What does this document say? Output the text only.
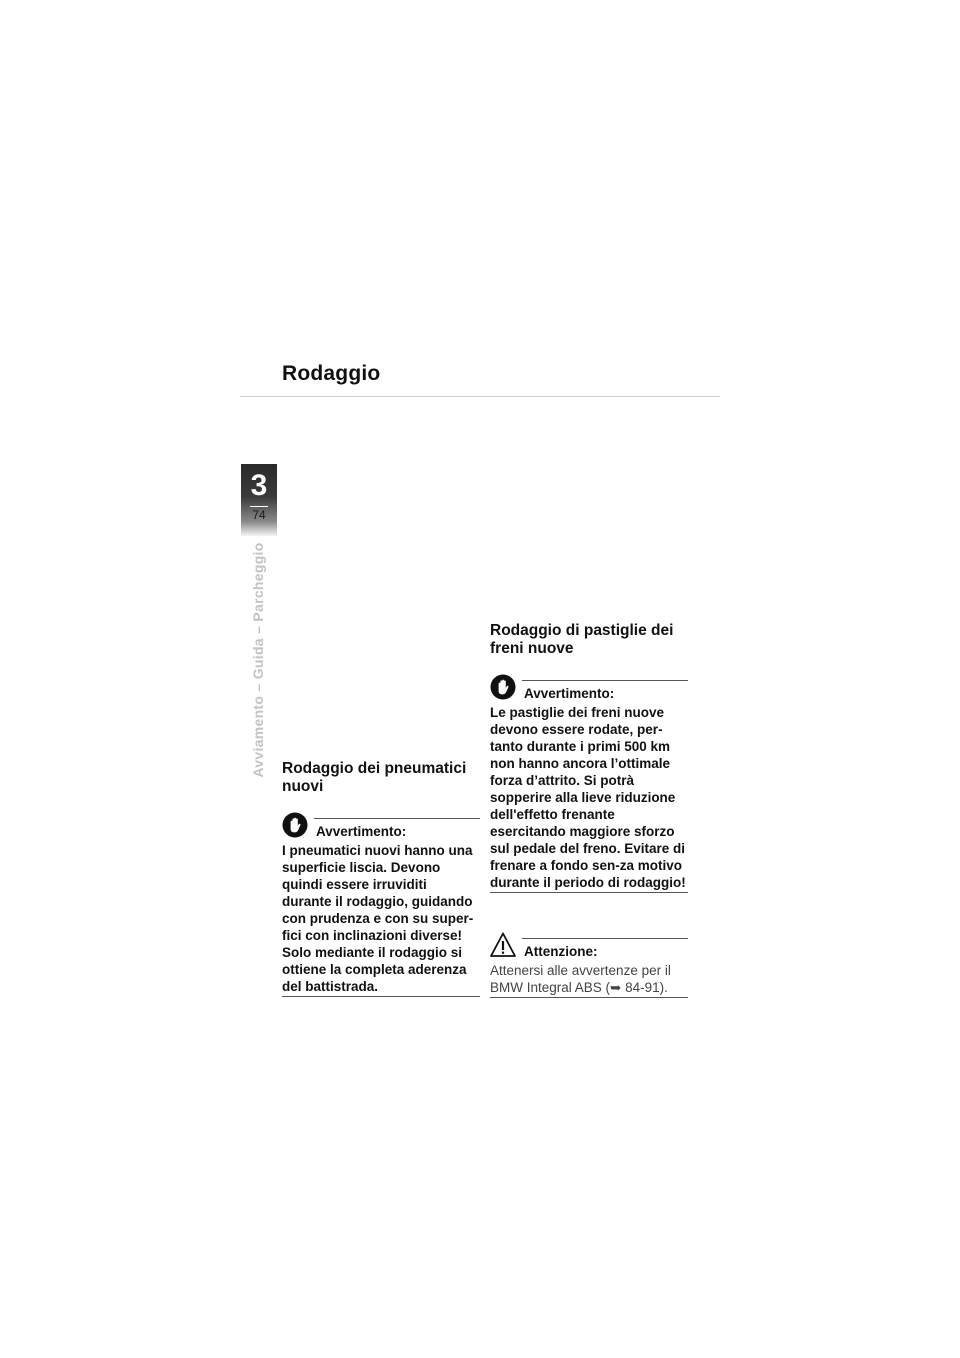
Rodaggio
3
74
Avviamento – Guida – Parcheggio Rodaggio dei pneumatici nuovi
Avvertimento:

I pneumatici nuovi hanno una superficie liscia. Devono quindi essere irruviditi durante il rodaggio, guidando con prudenza e con su super-fici con inclinazioni diverse! Solo mediante il rodaggio si ottiene la completa aderenza del battistrada.

Rodaggio di pastiglie dei freni nuove
Avvertimento:

Le pastiglie dei freni nuove devono essere rodate, per-tanto durante i primi 500 km non hanno ancora l’ottimale forza d’attrito. Si potrà sopperire alla lieve riduzione dell'effetto frenante esercitando maggiore sforzo sul pedale del freno. Evitare di frenare a fondo sen-za motivo durante il periodo di rodaggio!

Attenzione:

Attenersi alle avvertenze per il BMW Integral ABS (➥ 84-91).
